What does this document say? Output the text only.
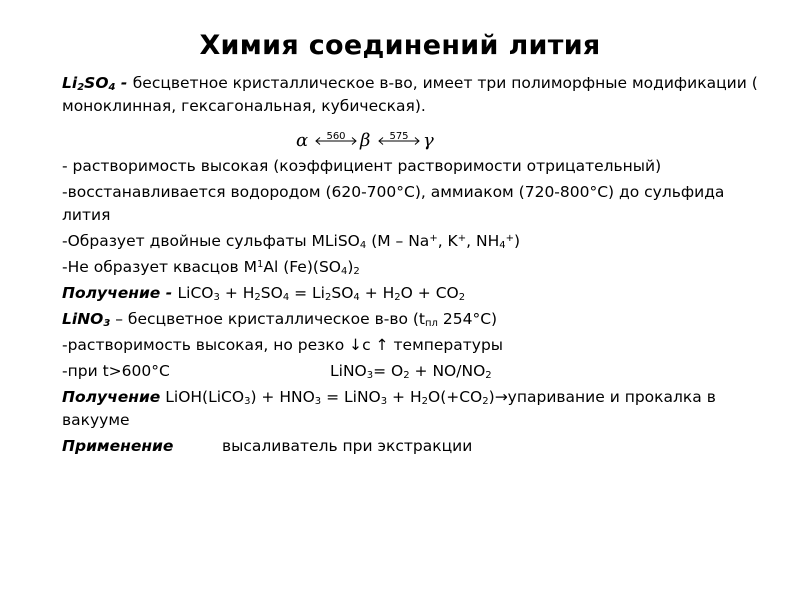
Химия соединений лития

$Li_2SO_4$ - бесцветное кристаллическое в-во, имеет три полиморфные модификации ( моноклинная, гексагональная, кубическая).

α	560 β	575 γ

- растворимость высокая (коэффициент растворимости отрицательный)

-восстанавливается водородом (620-700°С), аммиаком (720-800°С) до сульфида лития

-Образует двойные сульфаты MLiSO$_4$ (M – Na+, K+, $NH_4^+$)

-Не образует квасцов $M^1Al$ $(Fe)(SO_4)_2$

Получение - LiCO$_3$ + $H_2SO_4 = Li_2SO_4 + H_2O + CO_2$

LiNO$_3$ – бесцветное кристаллическое в-во ($t_{пл}$ 254°С)

-растворимость высокая, но резко ↓с ↑ температуры

-при t>600°C	LiNO$_3$= $O_2 + NO/NO_2$

Получение LiOH(LiCO$_3$) + $HNO_3$ = LiNO$_3$ + $H_2O(+CO_2)\to упаривание$ и прокалка в вакууме

Применение	высаливатель при экстракции
